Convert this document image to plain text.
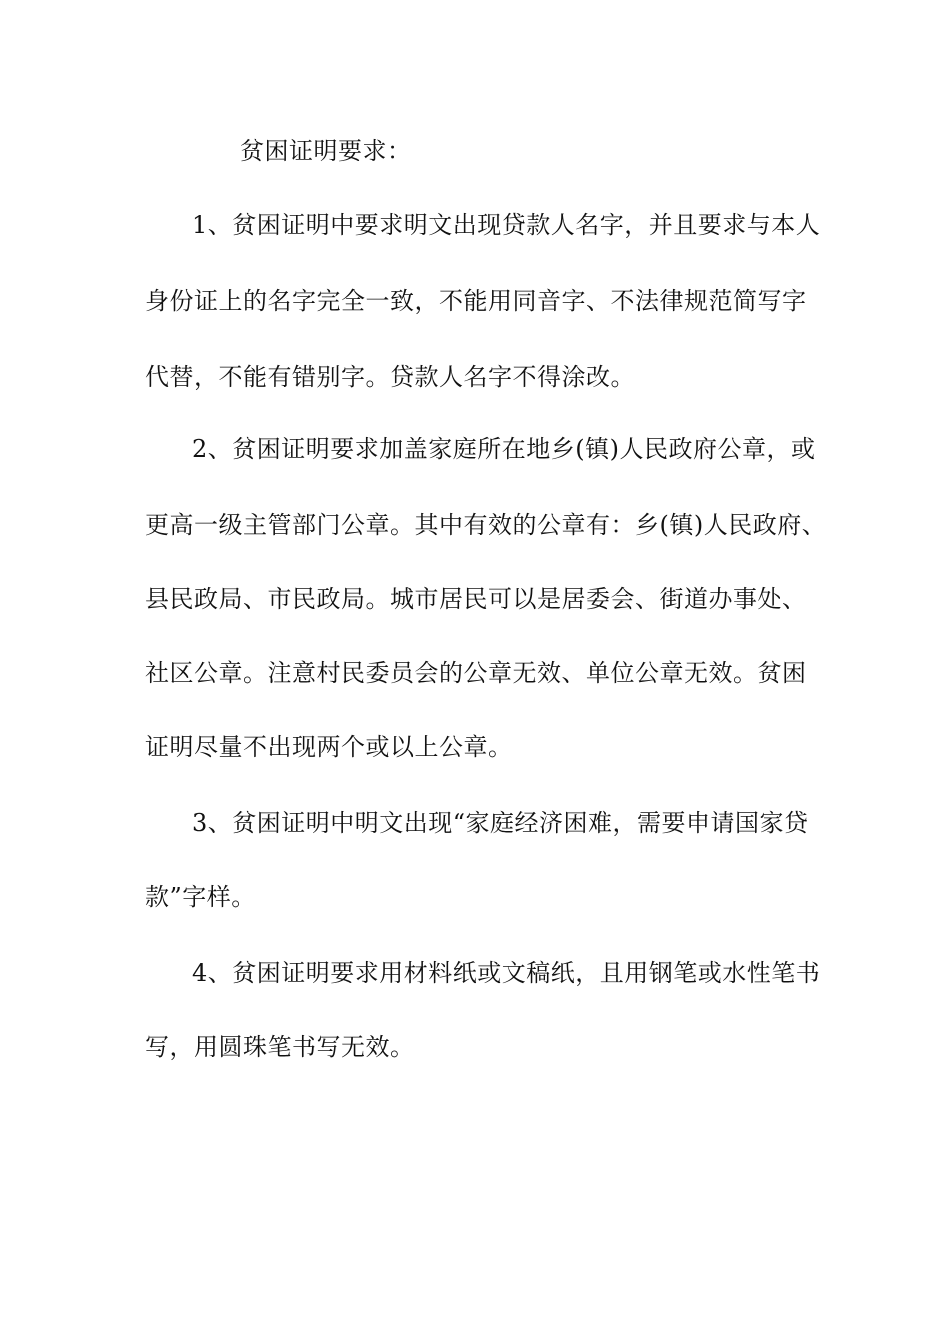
贫困证明要求：
1、贫困证明中要求明文出现贷款人名字，并且要求与本人
身份证上的名字完全一致，不能用同音字、不法律规范简写字
代替，不能有错别字。贷款人名字不得涂改。
2、贫困证明要求加盖家庭所在地乡(镇)人民政府公章，或
更高一级主管部门公章。其中有效的公章有：乡(镇)人民政府、
县民政局、市民政局。城市居民可以是居委会、街道办事处、
社区公章。注意村民委员会的公章无效、单位公章无效。贫困
证明尽量不出现两个或以上公章。
3、贫困证明中明文出现“家庭经济困难，需要申请国家贷
款”字样。
4、贫困证明要求用材料纸或文稿纸，且用钢笔或水性笔书
写，用圆珠笔书写无效。
